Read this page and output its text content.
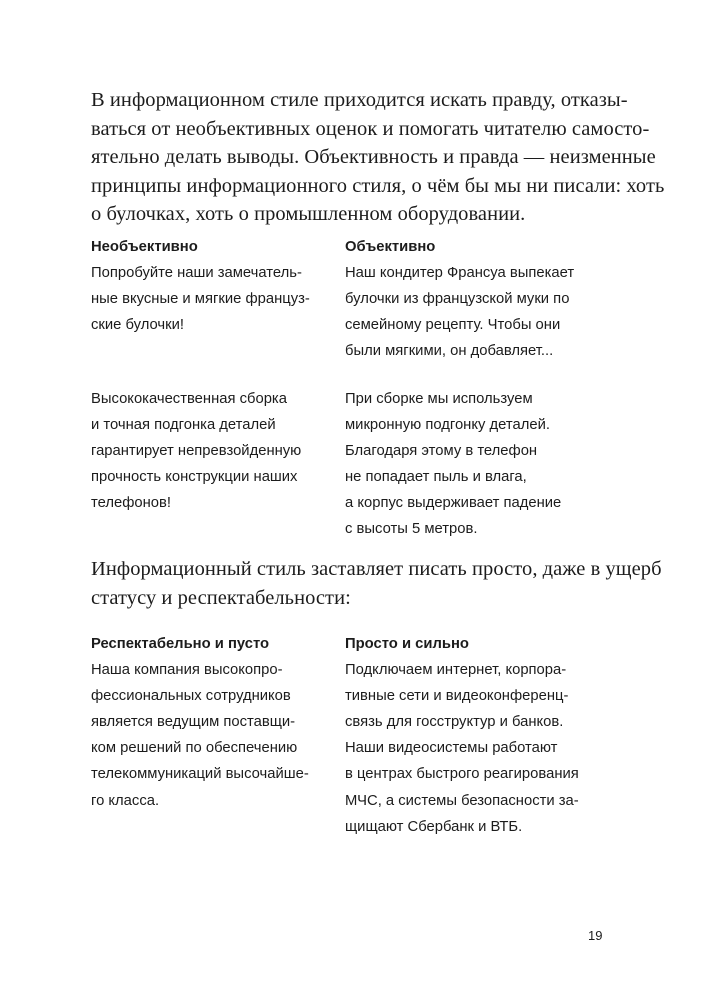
В информационном стиле приходится искать правду, отказы-
ваться от необъективных оценок и помогать читателю самосто-
ятельно делать выводы. Объективность и правда — неизменные
принципы информационного стиля, о чём бы мы ни писали: хоть
о булочках, хоть о промышленном оборудовании.
Необъективно
Попробуйте наши замечатель-
ные вкусные и мягкие француз-
ские булочки!
Высококачественная сборка
и точная подгонка деталей
гарантирует непревзойденную
прочность конструкции наших
телефонов!
Объективно
Наш кондитер Франсуа выпекает
булочки из французской муки по
семейному рецепту. Чтобы они
были мягкими, он добавляет...
При сборке мы используем
микронную подгонку деталей.
Благодаря этому в телефон
не попадает пыль и влага,
а корпус выдерживает падение
с высоты 5 метров.
Информационный стиль заставляет писать просто, даже в ущерб
статусу и респектабельности:
Респектабельно и пусто
Наша компания высокопро-
фессиональных сотрудников
является ведущим поставщи-
ком решений по обеспечению
телекоммуникаций высочайше-
го класса.
Просто и сильно
Подключаем интернет, корпора-
тивные сети и видеоконференц-
связь для госструктур и банков.
Наши видеосистемы работают
в центрах быстрого реагирования
МЧС, а системы безопасности за-
щищают Сбербанк и ВТБ.
19
